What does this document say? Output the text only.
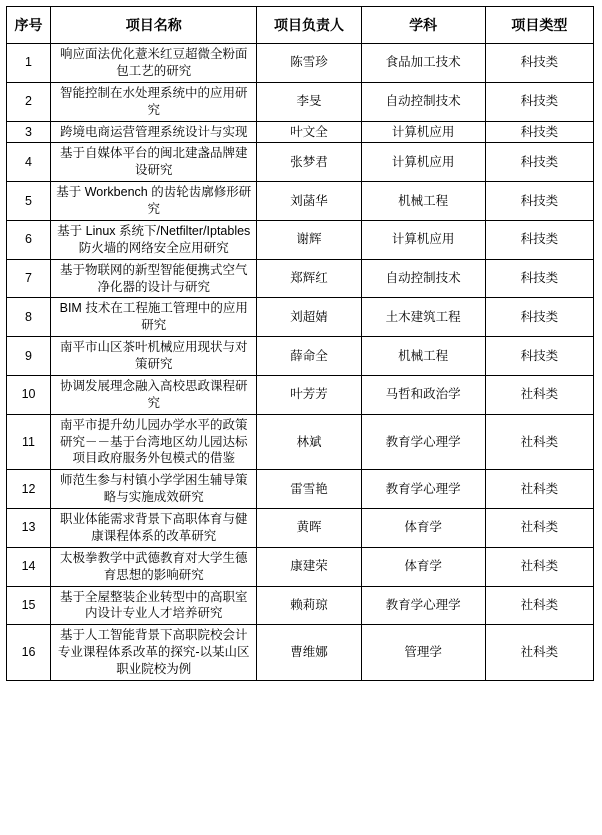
序号	项目名称	项目负责人	学科	项目类型
1	响应面法优化薏米红豆超微全粉面包工艺的研究	陈雪珍	食品加工技术	科技类
2	智能控制在水处理系统中的应用研究	李旻	自动控制技术	科技类
3	跨境电商运营管理系统设计与实现	叶文全	计算机应用	科技类
4	基于自媒体平台的闽北建盏品牌建设研究	张梦君	计算机应用	科技类
5	基于 Workbench 的齿轮齿廓修形研究	刘菡华	机械工程	科技类
6	基于 Linux 系统下/Netfilter/Iptables 防火墙的网络安全应用研究	谢辉	计算机应用	科技类
7	基于物联网的新型智能便携式空气净化器的设计与研究	郑辉红	自动控制技术	科技类
8	BIM 技术在工程施工管理中的应用研究	刘超婧	土木建筑工程	科技类
9	南平市山区茶叶机械应用现状与对策研究	薛命全	机械工程	科技类
10	协调发展理念融入高校思政课程研究	叶芳芳	马哲和政治学	社科类
11	南平市提升幼儿园办学水平的政策研究－－基于台湾地区幼儿园达标项目政府服务外包模式的借鉴	林斌	教育学心理学	社科类
12	师范生参与村镇小学学困生辅导策略与实施成效研究	雷雪艳	教育学心理学	社科类
13	职业体能需求背景下高职体育与健康课程体系的改革研究	黄晖	体育学	社科类
14	太极拳教学中武德教育对大学生德育思想的影响研究	康建荣	体育学	社科类
15	基于全屋整装企业转型中的高职室内设计专业人才培养研究	赖莉琼	教育学心理学	社科类
16	基于人工智能背景下高职院校会计专业课程体系改革的探究-以某山区职业院校为例	曹维娜	管理学	社科类
